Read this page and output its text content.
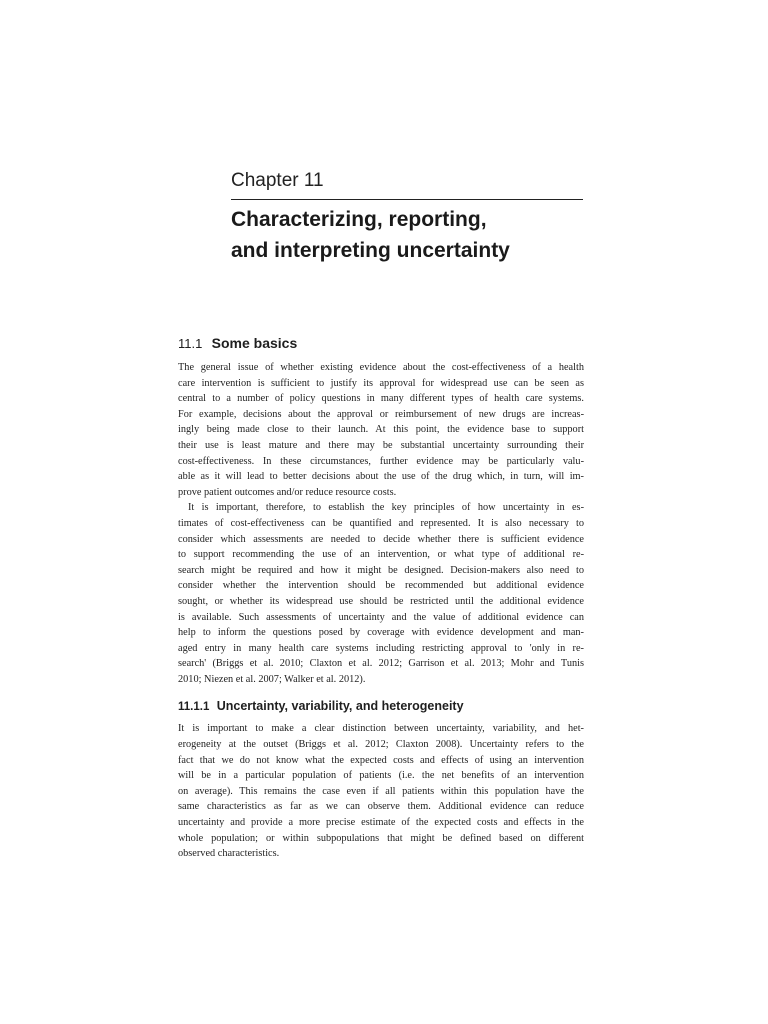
Chapter 11
Characterizing, reporting,
and interpreting uncertainty
11.1 Some basics

The general issue of whether existing evidence about the cost-effectiveness of a health
care intervention is sufficient to justify its approval for widespread use can be seen as
central to a number of policy questions in many different types of health care systems.
For example, decisions about the approval or reimbursement of new drugs are increas-
ingly being made close to their launch. At this point, the evidence base to support
their use is least mature and there may be substantial uncertainty surrounding their
cost-effectiveness. In these circumstances, further evidence may be particularly valu-
able as it will lead to better decisions about the use of the drug which, in turn, will im-
prove patient outcomes and/or reduce resource costs.

It is important, therefore, to establish the key principles of how uncertainty in es-
timates of cost-effectiveness can be quantified and represented. It is also necessary to
consider which assessments are needed to decide whether there is sufficient evidence
to support recommending the use of an intervention, or what type of additional re-
search might be required and how it might be designed. Decision-makers also need to
consider whether the intervention should be recommended but additional evidence
sought, or whether its widespread use should be restricted until the additional evidence
is available. Such assessments of uncertainty and the value of additional evidence can
help to inform the questions posed by coverage with evidence development and man-
aged entry in many health care systems including restricting approval to 'only in re-
search' (Briggs et al. 2010; Claxton et al. 2012; Garrison et al. 2013; Mohr and Tunis
2010; Niezen et al. 2007; Walker et al. 2012).

11.1.1 Uncertainty, variability, and heterogeneity

It is important to make a clear distinction between uncertainty, variability, and het-
erogeneity at the outset (Briggs et al. 2012; Claxton 2008). Uncertainty refers to the
fact that we do not know what the expected costs and effects of using an intervention
will be in a particular population of patients (i.e. the net benefits of an intervention
on average). This remains the case even if all patients within this population have the
same characteristics as far as we can observe them. Additional evidence can reduce
uncertainty and provide a more precise estimate of the expected costs and effects in the
whole population; or within subpopulations that might be defined based on different
observed characteristics.
